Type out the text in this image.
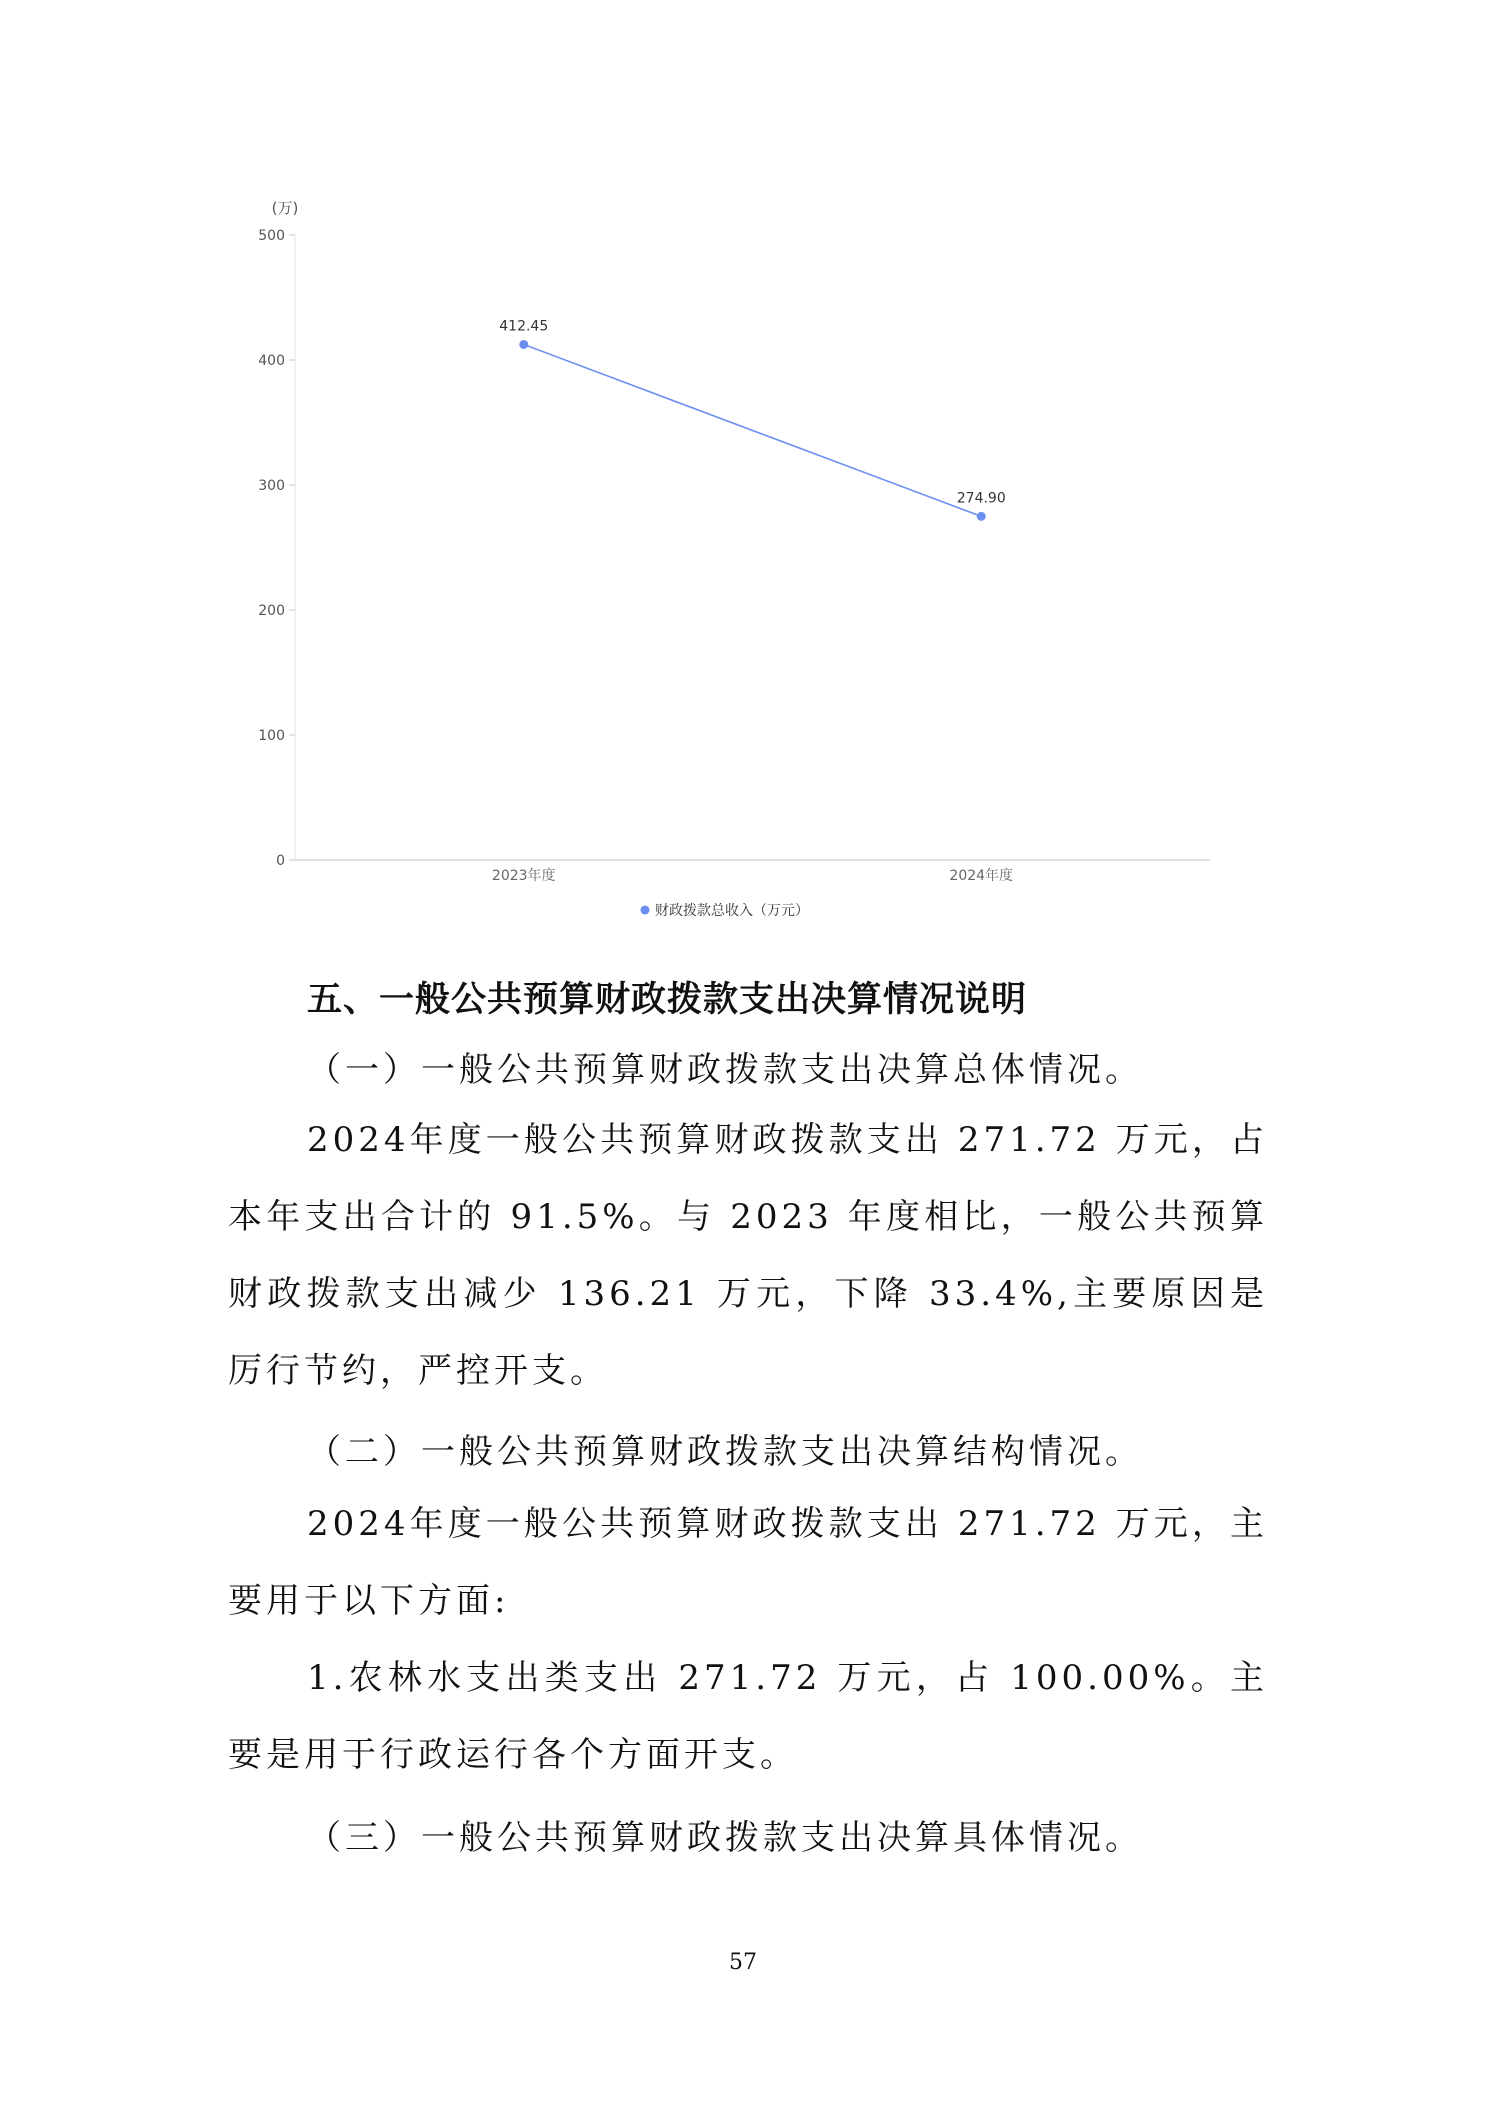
(万)
0
100
200
300
400
500
2023年度	2024年度
412.45
274.90
财政拨款总收入（万元）
五、一般公共预算财政拨款支出决算情况说明
（一）一般公共预算财政拨款支出决算总体情况。

2024年度一般公共预算财政拨款支出 271.72 万元，占本年支出合计的 91.5%。与 2023 年度相比，一般公共预算财政拨款支出减少 136.21 万元，下降 33.4%,主要原因是厉行节约，严控开支。

（二）一般公共预算财政拨款支出决算结构情况。

2024年度一般公共预算财政拨款支出 271.72 万元，主要用于以下方面:

1.农林水支出类支出 271.72 万元，占 100.00%。主要是用于行政运行各个方面开支。

（三）一般公共预算财政拨款支出决算具体情况。
57
